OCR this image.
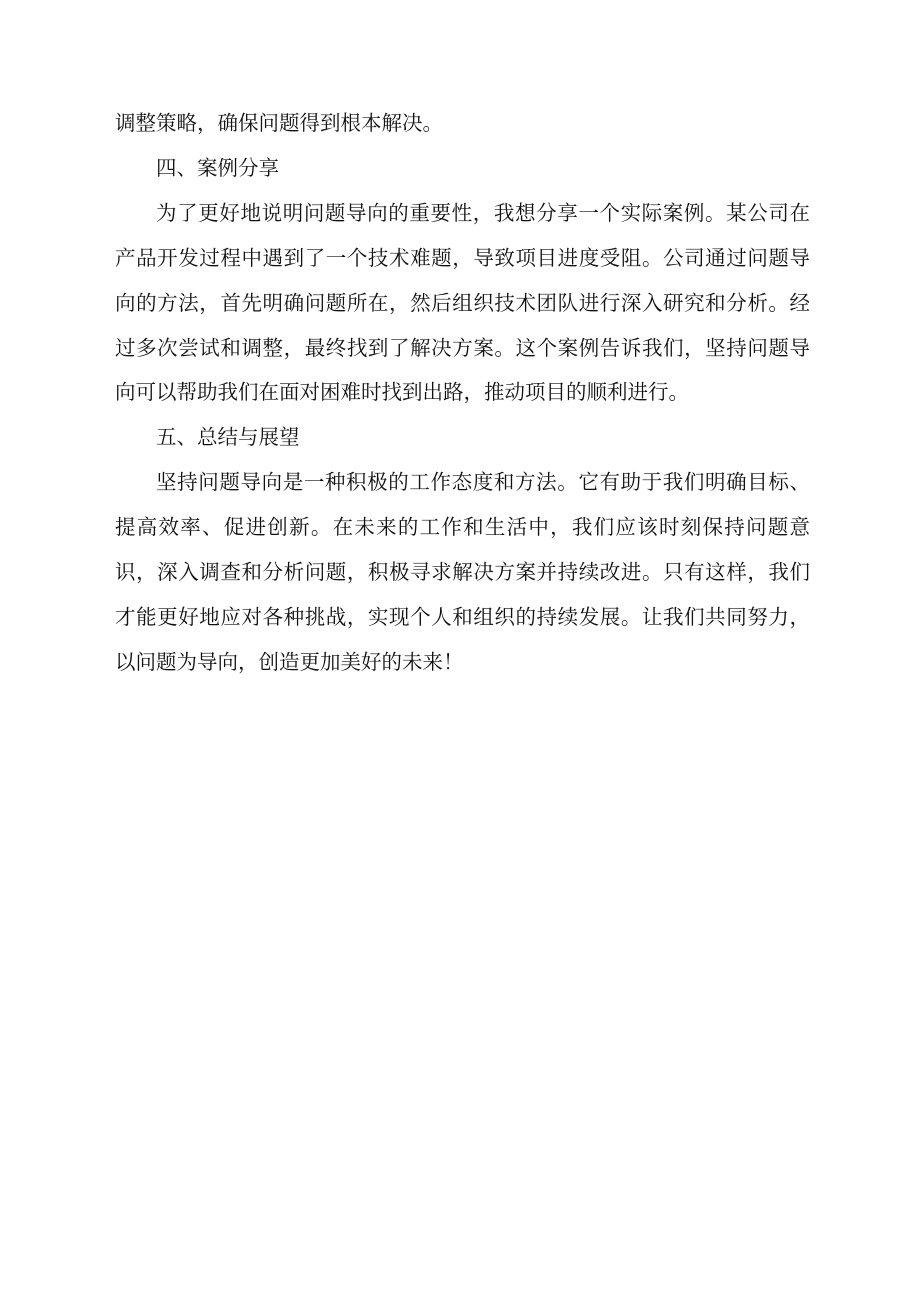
调整策略，确保问题得到根本解决。

四、案例分享

为了更好地说明问题导向的重要性，我想分享一个实际案例。某公司在产品开发过程中遇到了一个技术难题，导致项目进度受阻。公司通过问题导向的方法，首先明确问题所在，然后组织技术团队进行深入研究和分析。经过多次尝试和调整，最终找到了解决方案。这个案例告诉我们，坚持问题导向可以帮助我们在面对困难时找到出路，推动项目的顺利进行。

五、总结与展望

坚持问题导向是一种积极的工作态度和方法。它有助于我们明确目标、提高效率、促进创新。在未来的工作和生活中，我们应该时刻保持问题意识，深入调查和分析问题，积极寻求解决方案并持续改进。只有这样，我们才能更好地应对各种挑战，实现个人和组织的持续发展。让我们共同努力，以问题为导向，创造更加美好的未来！
